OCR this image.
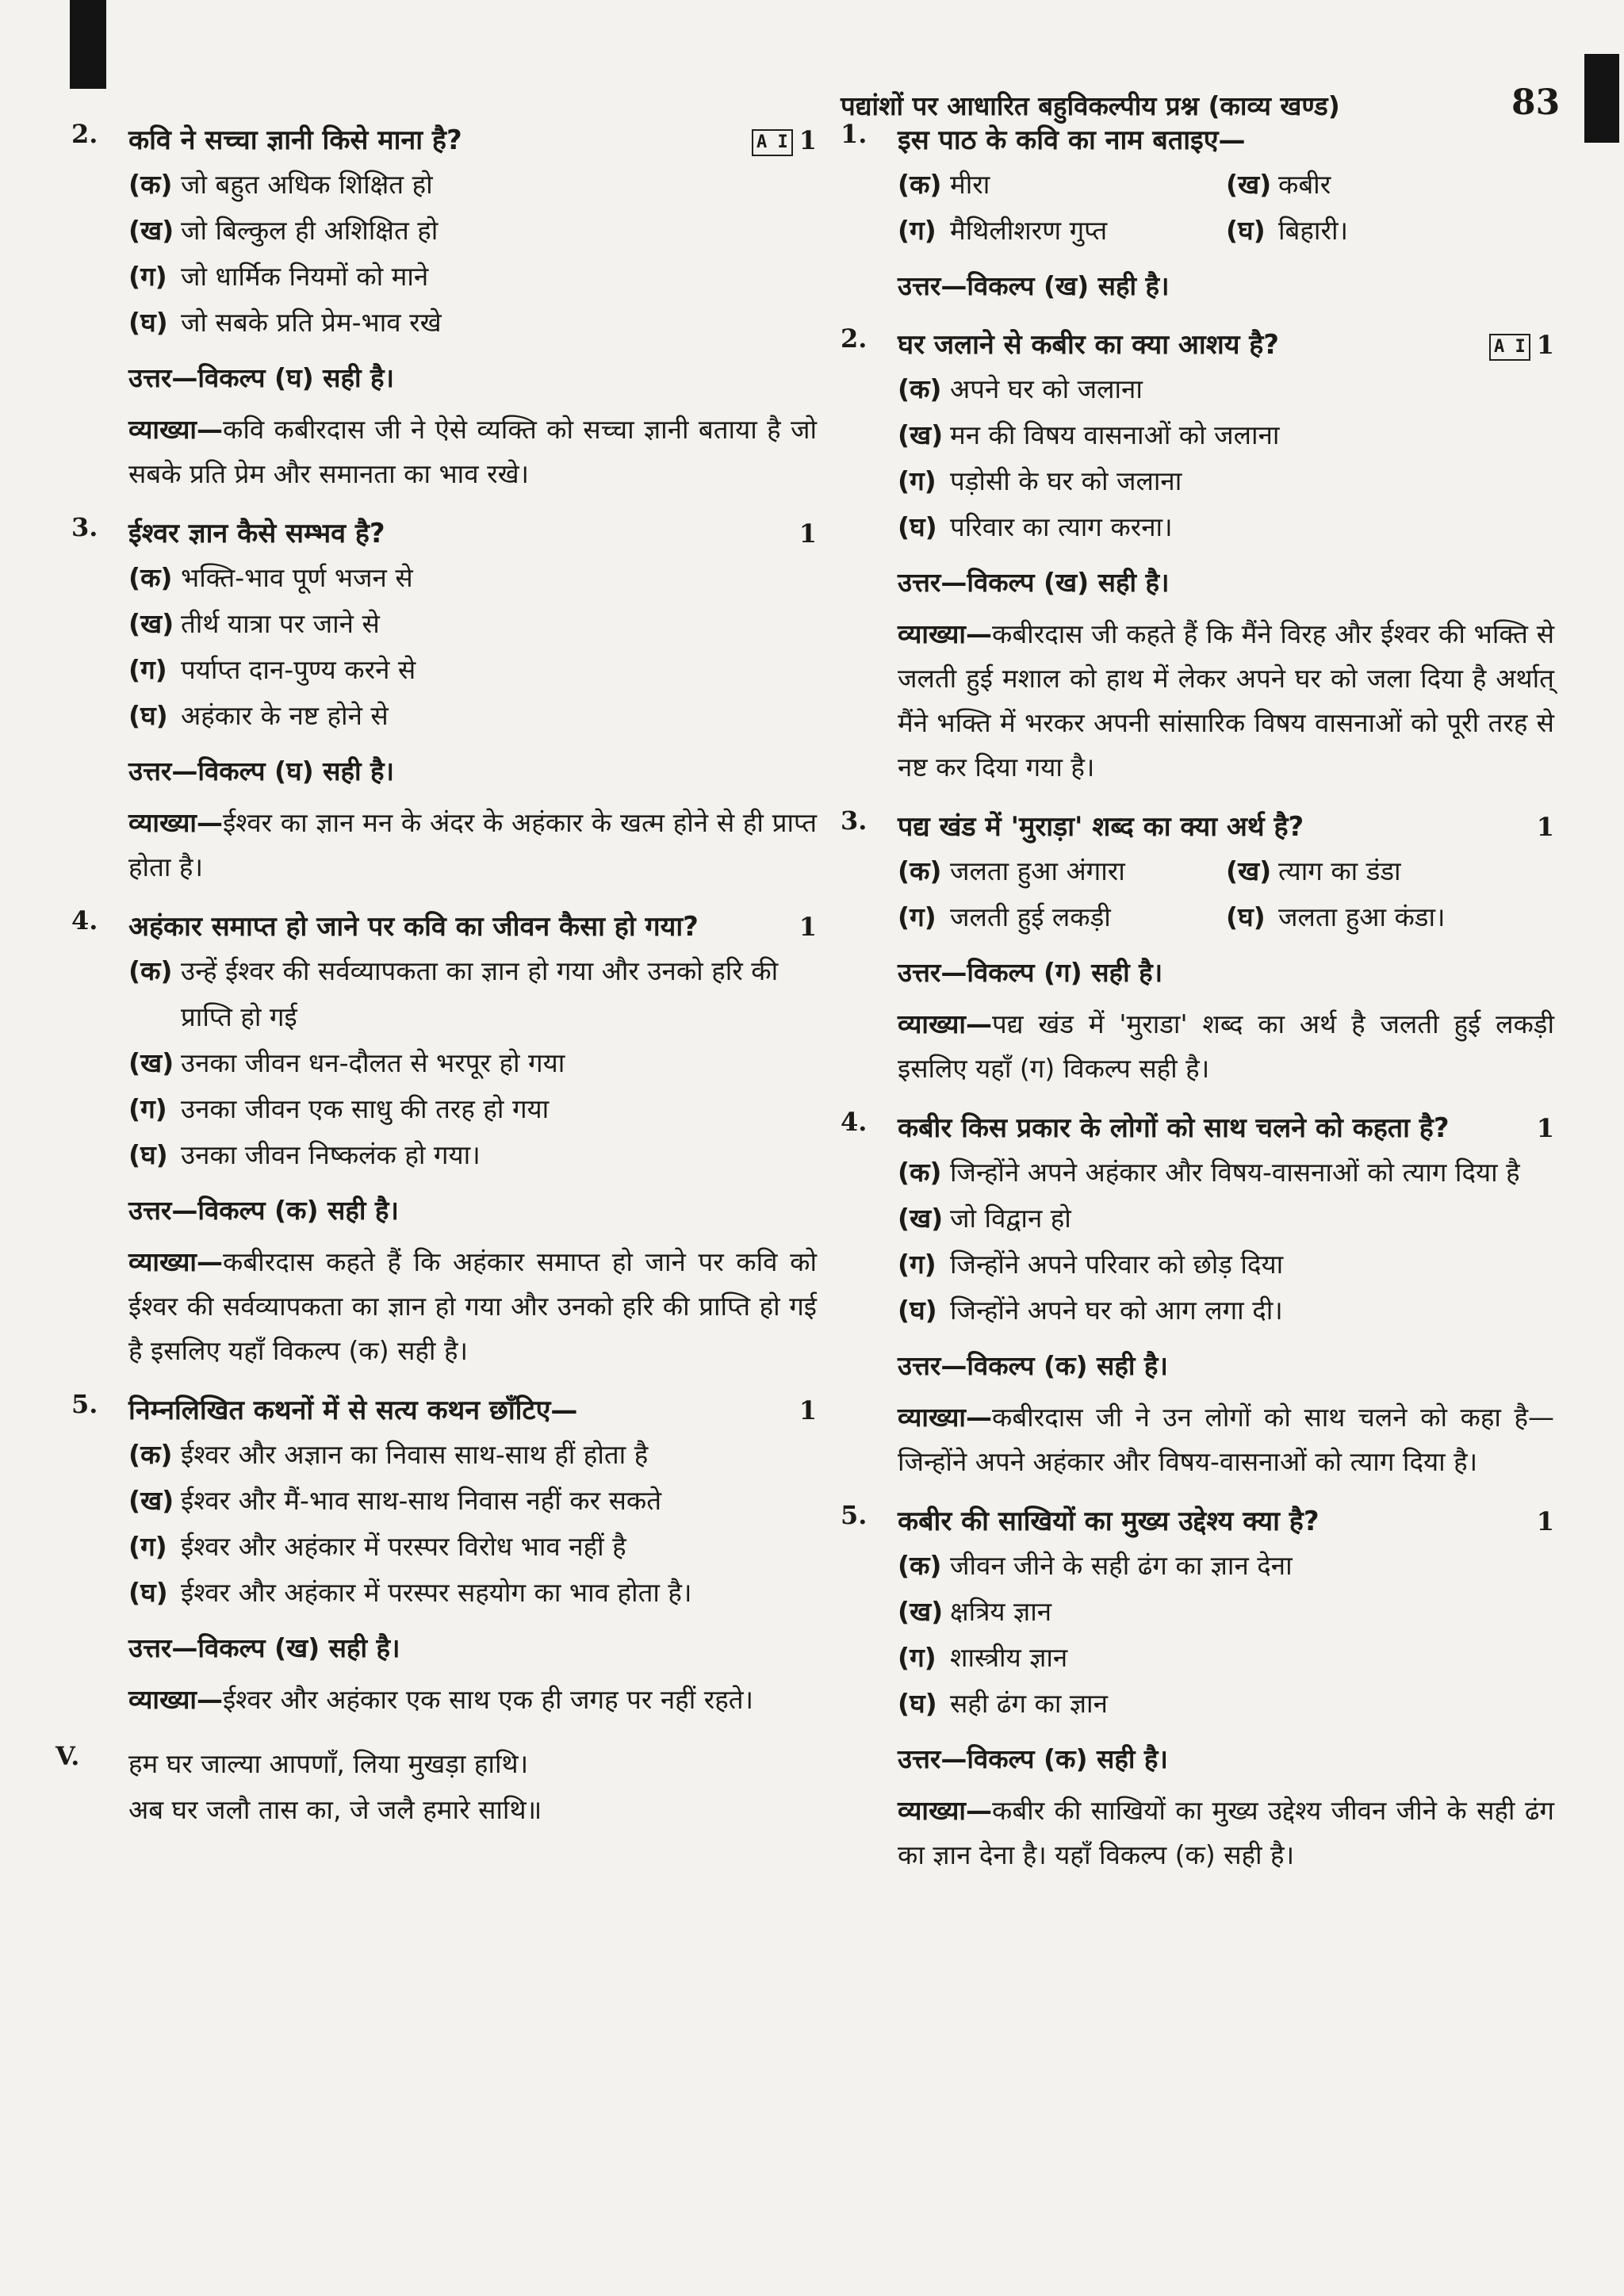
पद्यांशों पर आधारित बहुविकल्पीय प्रश्न (काव्य खण्ड)	83
2.	A I 1
कवि ने सच्चा ज्ञानी किसे माना है?
(क) जो बहुत अधिक शिक्षित हो
(ख) जो बिल्कुल ही अशिक्षित हो
(ग) जो धार्मिक नियमों को माने
(घ) जो सबके प्रति प्रेम-भाव रखे
उत्तर—विकल्प (घ) सही है।
व्याख्या—कवि कबीरदास जी ने ऐसे व्यक्ति को सच्चा ज्ञानी बताया है जो सबके प्रति प्रेम और समानता का भाव रखे।
3.	1
ईश्वर ज्ञान कैसे सम्भव है?
(क) भक्ति-भाव पूर्ण भजन से
(ख) तीर्थ यात्रा पर जाने से
(ग) पर्याप्त दान-पुण्य करने से
(घ) अहंकार के नष्ट होने से
उत्तर—विकल्प (घ) सही है।
व्याख्या—ईश्वर का ज्ञान मन के अंदर के अहंकार के खत्म होने से ही प्राप्त होता है।
4.	1
अहंकार समाप्त हो जाने पर कवि का जीवन कैसा हो गया?
(क) उन्हें ईश्वर की सर्वव्यापकता का ज्ञान हो गया और उनको हरि की प्राप्ति हो गई
(ख) उनका जीवन धन-दौलत से भरपूर हो गया
(ग) उनका जीवन एक साधु की तरह हो गया
(घ) उनका जीवन निष्कलंक हो गया।
उत्तर—विकल्प (क) सही है।
व्याख्या—कबीरदास कहते हैं कि अहंकार समाप्त हो जाने पर कवि को ईश्वर की सर्वव्यापकता का ज्ञान हो गया और उनको हरि की प्राप्ति हो गई है इसलिए यहाँ विकल्प (क) सही है।
5.	1
निम्नलिखित कथनों में से सत्य कथन छाँटिए—
(क) ईश्वर और अज्ञान का निवास साथ-साथ हीं होता है
(ख) ईश्वर और मैं-भाव साथ-साथ निवास नहीं कर सकते
(ग) ईश्वर और अहंकार में परस्पर विरोध भाव नहीं है
(घ) ईश्वर और अहंकार में परस्पर सहयोग का भाव होता है।
उत्तर—विकल्प (ख) सही है।
व्याख्या—ईश्वर और अहंकार एक साथ एक ही जगह पर नहीं रहते।
V. हम घर जाल्या आपणाँ, लिया मुखड़ा हाथि।
अब घर जलौ तास का, जे जलै हमारे साथि॥
1. इस पाठ के कवि का नाम बताइए—
(क) मीरा	(ख) कबीर
(ग) मैथिलीशरण गुप्त	(घ) बिहारी।
उत्तर—विकल्प (ख) सही है।
2.	A I 1
घर जलाने से कबीर का क्या आशय है?
(क) अपने घर को जलाना
(ख) मन की विषय वासनाओं को जलाना
(ग) पड़ोसी के घर को जलाना
(घ) परिवार का त्याग करना।
उत्तर—विकल्प (ख) सही है।
व्याख्या—कबीरदास जी कहते हैं कि मैंने विरह और ईश्वर की भक्ति से जलती हुई मशाल को हाथ में लेकर अपने घर को जला दिया है अर्थात् मैंने भक्ति में भरकर अपनी सांसारिक विषय वासनाओं को पूरी तरह से नष्ट कर दिया गया है।
3.	1
पद्य खंड में 'मुराड़ा' शब्द का क्या अर्थ है?
(क) जलता हुआ अंगारा	(ख) त्याग का डंडा
(ग) जलती हुई लकड़ी	(घ) जलता हुआ कंडा।
उत्तर—विकल्प (ग) सही है।
व्याख्या—पद्य खंड में 'मुराडा' शब्द का अर्थ है जलती हुई लकड़ी इसलिए यहाँ (ग) विकल्प सही है।
4.	1
कबीर किस प्रकार के लोगों को साथ चलने को कहता है?
(क) जिन्होंने अपने अहंकार और विषय-वासनाओं को त्याग दिया है
(ख) जो विद्वान हो
(ग) जिन्होंने अपने परिवार को छोड़ दिया
(घ) जिन्होंने अपने घर को आग लगा दी।
उत्तर—विकल्प (क) सही है।
व्याख्या—कबीरदास जी ने उन लोगों को साथ चलने को कहा है—जिन्होंने अपने अहंकार और विषय-वासनाओं को त्याग दिया है।
5.	1
कबीर की साखियों का मुख्य उद्देश्य क्या है?
(क) जीवन जीने के सही ढंग का ज्ञान देना
(ख) क्षत्रिय ज्ञान
(ग) शास्त्रीय ज्ञान
(घ) सही ढंग का ज्ञान
उत्तर—विकल्प (क) सही है।
व्याख्या—कबीर की साखियों का मुख्य उद्देश्य जीवन जीने के सही ढंग का ज्ञान देना है। यहाँ विकल्प (क) सही है।
